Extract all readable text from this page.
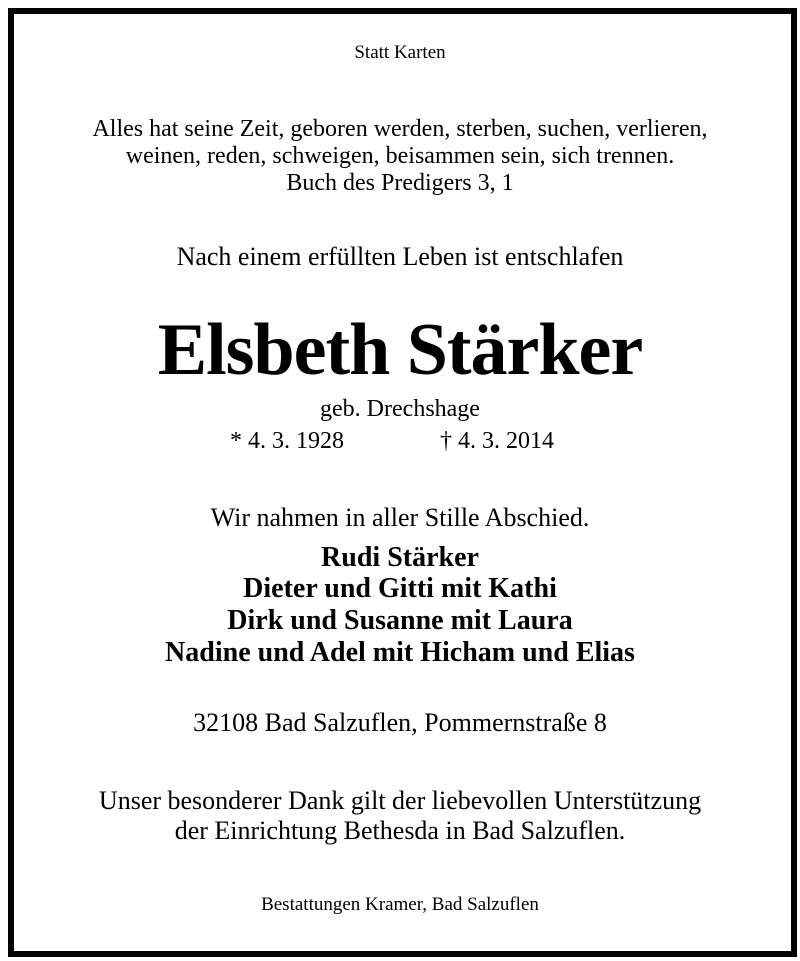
Statt Karten
Alles hat seine Zeit, geboren werden, sterben, suchen, verlieren,
weinen, reden, schweigen, beisammen sein, sich trennen.
Buch des Predigers 3, 1
Nach einem erfüllten Leben ist entschlafen
Elsbeth Stärker
geb. Drechshage
* 4. 3. 1928	† 4. 3. 2014
Wir nahmen in aller Stille Abschied.
Rudi Stärker
Dieter und Gitti mit Kathi
Dirk und Susanne mit Laura
Nadine und Adel mit Hicham und Elias
32108 Bad Salzuflen, Pommernstraße 8
Unser besonderer Dank gilt der liebevollen Unterstützung
der Einrichtung Bethesda in Bad Salzuflen.
Bestattungen Kramer, Bad Salzuflen
